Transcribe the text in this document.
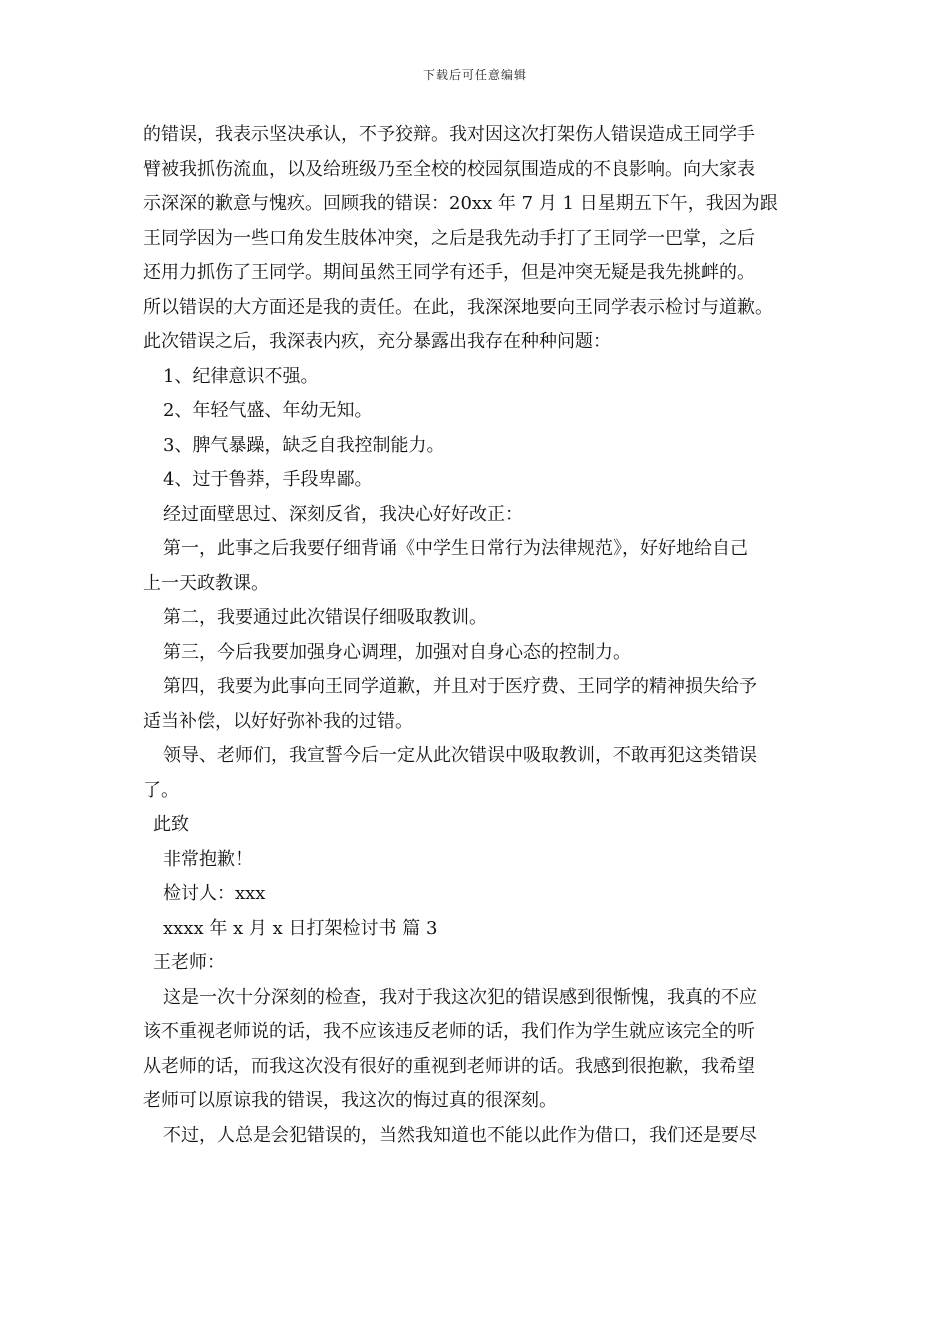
下载后可任意编辑
的错误，我表示坚决承认，不予狡辩。我对因这次打架伤人错误造成王同学手
臂被我抓伤流血，以及给班级乃至全校的校园氛围造成的不良影响。向大家表
示深深的歉意与愧疚。回顾我的错误：20xx 年 7 月 1 日星期五下午，我因为跟
王同学因为一些口角发生肢体冲突，之后是我先动手打了王同学一巴掌，之后
还用力抓伤了王同学。期间虽然王同学有还手，但是冲突无疑是我先挑衅的。
所以错误的大方面还是我的责任。在此，我深深地要向王同学表示检讨与道歉。
此次错误之后，我深表内疚，充分暴露出我存在种种问题：
1、纪律意识不强。
2、年轻气盛、年幼无知。
3、脾气暴躁，缺乏自我控制能力。
4、过于鲁莽，手段卑鄙。
经过面壁思过、深刻反省，我决心好好改正：
第一，此事之后我要仔细背诵《中学生日常行为法律规范》，好好地给自己
上一天政教课。
第二，我要通过此次错误仔细吸取教训。
第三，今后我要加强身心调理，加强对自身心态的控制力。
第四，我要为此事向王同学道歉，并且对于医疗费、王同学的精神损失给予
适当补偿，以好好弥补我的过错。
领导、老师们，我宣誓今后一定从此次错误中吸取教训，不敢再犯这类错误
了。
此致
非常抱歉！
检讨人：xxx
xxxx 年 x 月 x 日打架检讨书 篇 3
王老师：
这是一次十分深刻的检查，我对于我这次犯的错误感到很惭愧，我真的不应
该不重视老师说的话，我不应该违反老师的话，我们作为学生就应该完全的听
从老师的话，而我这次没有很好的重视到老师讲的话。我感到很抱歉，我希望
老师可以原谅我的错误，我这次的悔过真的很深刻。
不过，人总是会犯错误的，当然我知道也不能以此作为借口，我们还是要尽
